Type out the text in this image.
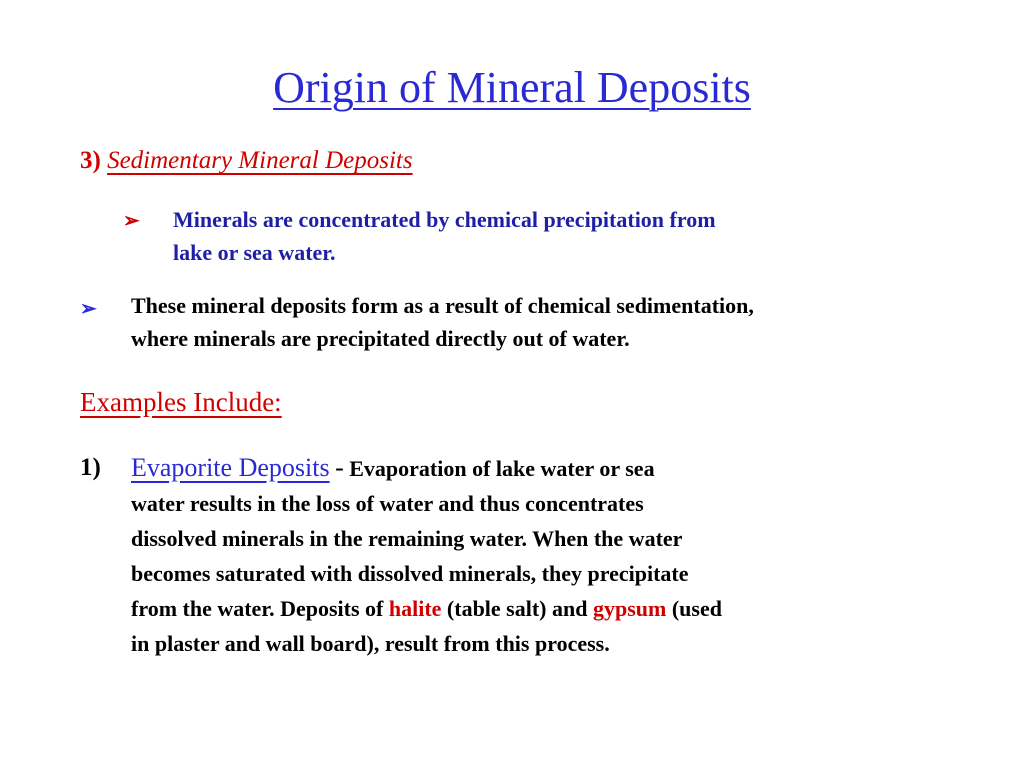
Origin of Mineral Deposits
3) Sedimentary Mineral Deposits
➢ Minerals are concentrated by chemical precipitation from
lake or sea water.
➢ These mineral deposits form as a result of chemical sedimentation,
where minerals are precipitated directly out of water.
Examples Include:
1) Evaporite Deposits - Evaporation of lake water or sea
water results in the loss of water and thus concentrates
dissolved minerals in the remaining water. When the water
becomes saturated with dissolved minerals, they precipitate
from the water. Deposits of halite (table salt) and gypsum (used
in plaster and wall board), result from this process.
